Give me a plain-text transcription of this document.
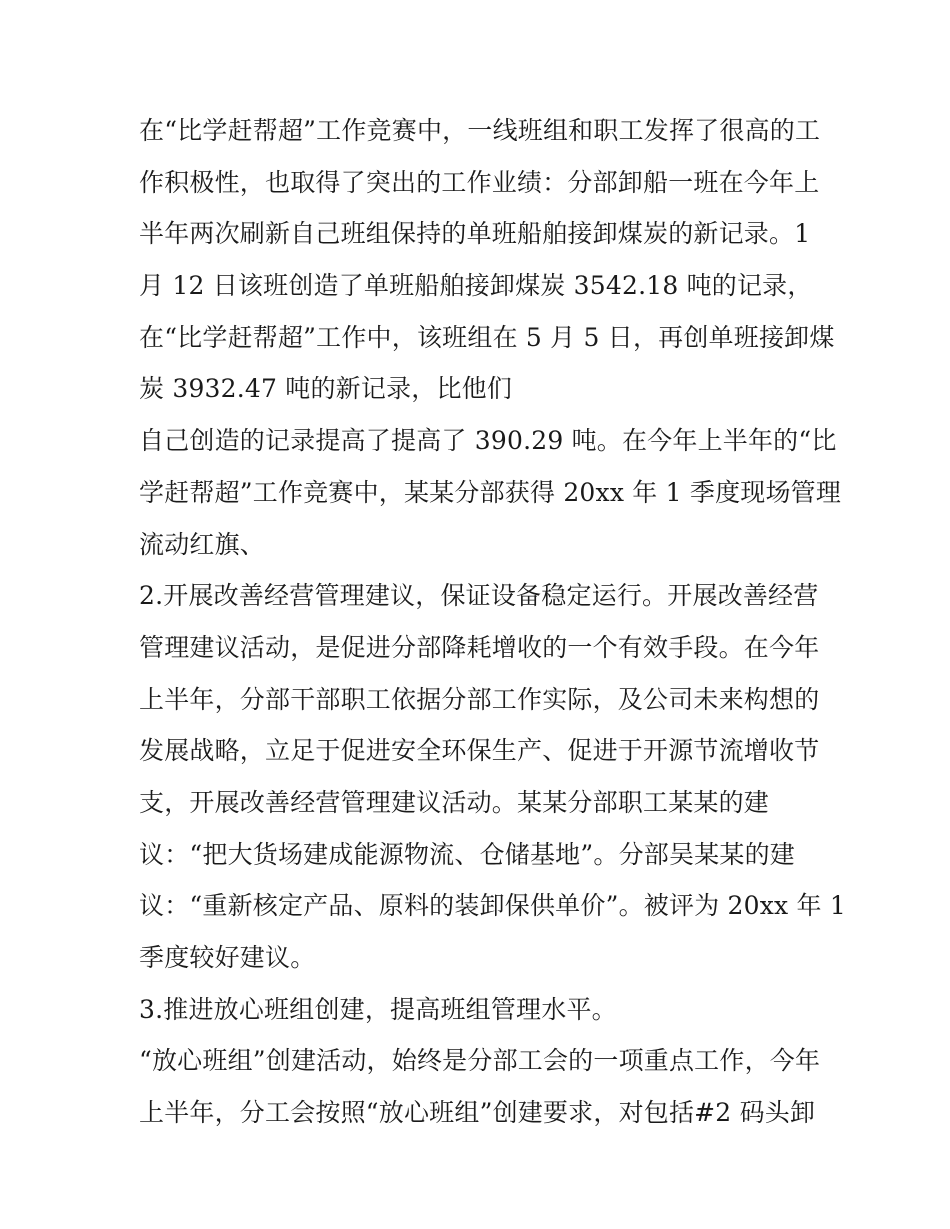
在“比学赶帮超”工作竞赛中，一线班组和职工发挥了很高的工
作积极性，也取得了突出的工作业绩：分部卸船一班在今年上
半年两次刷新自己班组保持的单班船舶接卸煤炭的新记录。1
月 12 日该班创造了单班船舶接卸煤炭 3542.18 吨的记录，
在“比学赶帮超”工作中，该班组在 5 月 5 日，再创单班接卸煤
炭 3932.47 吨的新记录，比他们
自己创造的记录提高了提高了 390.29 吨。在今年上半年的“比
学赶帮超”工作竞赛中，某某分部获得 20xx 年 1 季度现场管理
流动红旗、
2.开展改善经营管理建议，保证设备稳定运行。开展改善经营
管理建议活动，是促进分部降耗增收的一个有效手段。在今年
上半年，分部干部职工依据分部工作实际，及公司未来构想的
发展战略，立足于促进安全环保生产、促进于开源节流增收节
支，开展改善经营管理建议活动。某某分部职工某某的建
议：“把大货场建成能源物流、仓储基地”。分部吴某某的建
议：“重新核定产品、原料的装卸保供单价”。被评为 20xx 年 1
季度较好建议。
3.推进放心班组创建，提高班组管理水平。
“放心班组”创建活动，始终是分部工会的一项重点工作，今年
上半年，分工会按照“放心班组”创建要求，对包括#2 码头卸
